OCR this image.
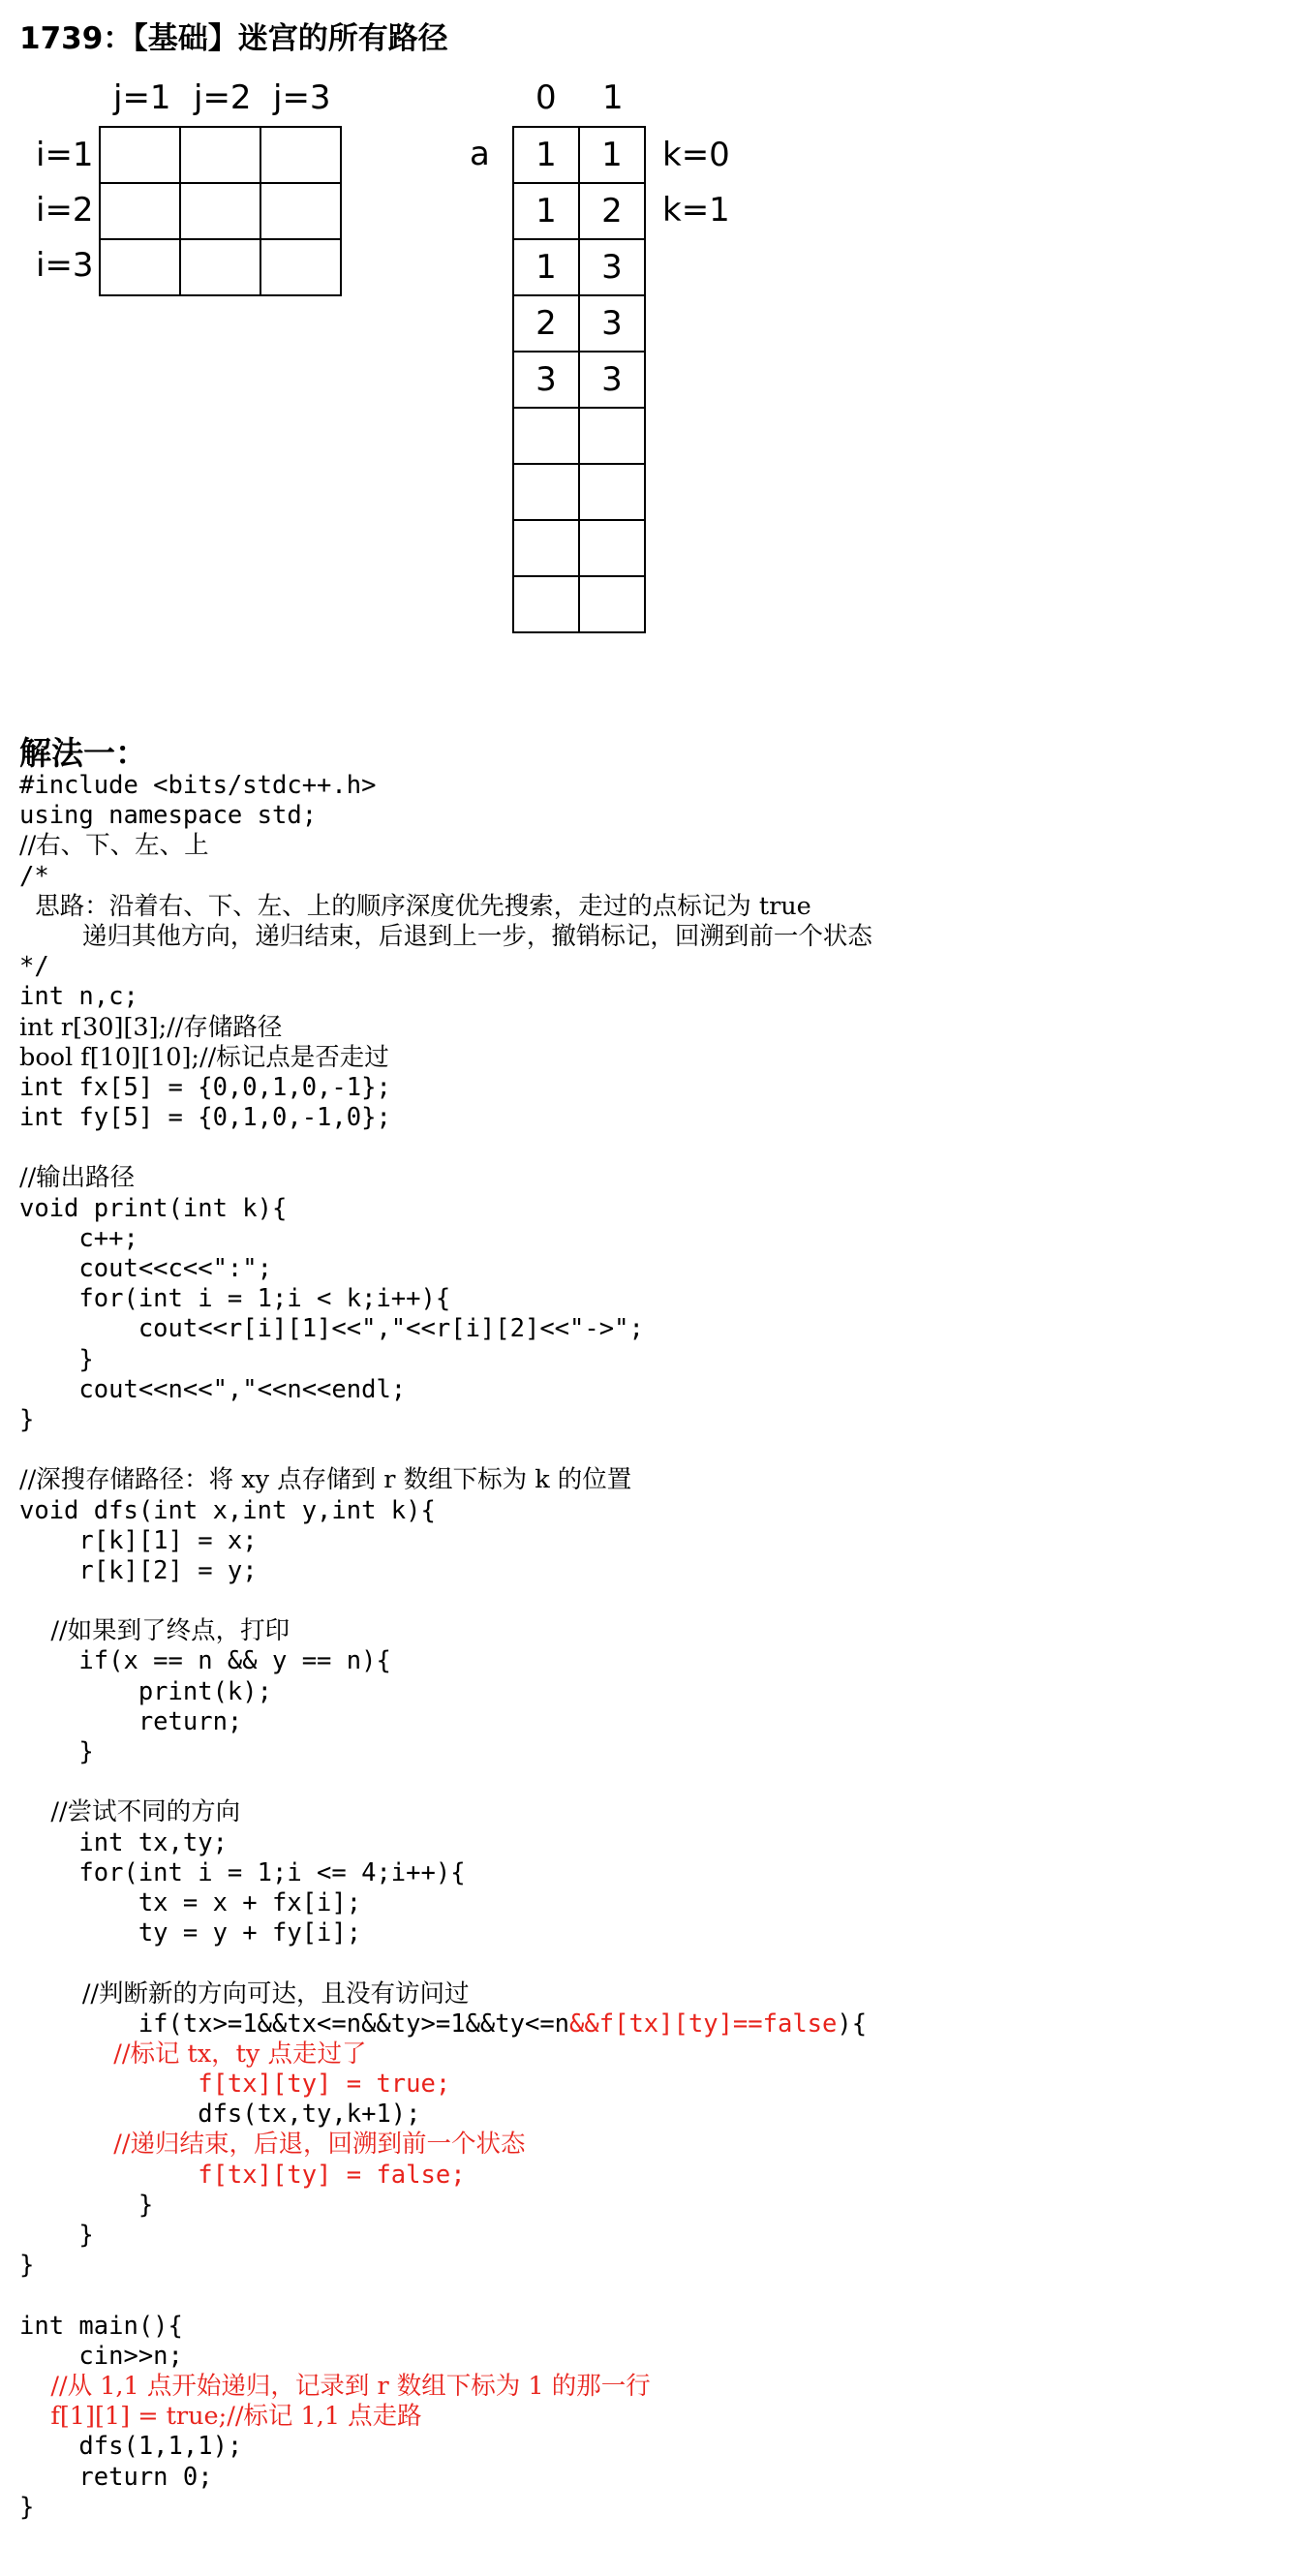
1739：【基础】迷宫的所有路径
j=1 j=2 j=3
i=1
i=2
i=3

0 1
a	k=0
k=1
1	1
1	2
1	3
2	3
3	3

解法一：
#include <bits/stdc++.h>
using namespace std;
//右、下、左、上
/*
思路：沿着右、下、左、上的顺序深度优先搜索，走过的点标记为 true
递归其他方向，递归结束，后退到上一步，撤销标记，回溯到前一个状态
*/
int n,c;
int r[30][3];//存储路径
bool f[10][10];//标记点是否走过
int fx[5] = {0,0,1,0,-1};
int fy[5] = {0,1,0,-1,0};

//输出路径
void print(int k){
c++;
cout<<c<<":";
for(int i = 1;i < k;i++){
cout<<r[i][1]<<","<<r[i][2]<<"->";
}
cout<<n<<","<<n<<endl;
}

//深搜存储路径：将 xy 点存储到 r 数组下标为 k 的位置
void dfs(int x,int y,int k){
r[k][1] = x;
r[k][2] = y;

//如果到了终点，打印
if(x == n && y == n){
print(k);
return;
}

//尝试不同的方向
int tx,ty;
for(int i = 1;i <= 4;i++){
tx = x + fx[i];
ty = y + fy[i];

//判断新的方向可达，且没有访问过
if(tx>=1&&tx<=n&&ty>=1&&ty<=n&&f[tx][ty]==false){
//标记 tx，ty 点走过了
f[tx][ty] = true;
dfs(tx,ty,k+1);
//递归结束，后退，回溯到前一个状态
f[tx][ty] = false;
}
}
}

int main(){
cin>>n;
//从 1,1 点开始递归，记录到 r 数组下标为 1 的那一行
f[1][1] = true;//标记 1,1 点走路
dfs(1,1,1);
return 0;
}
